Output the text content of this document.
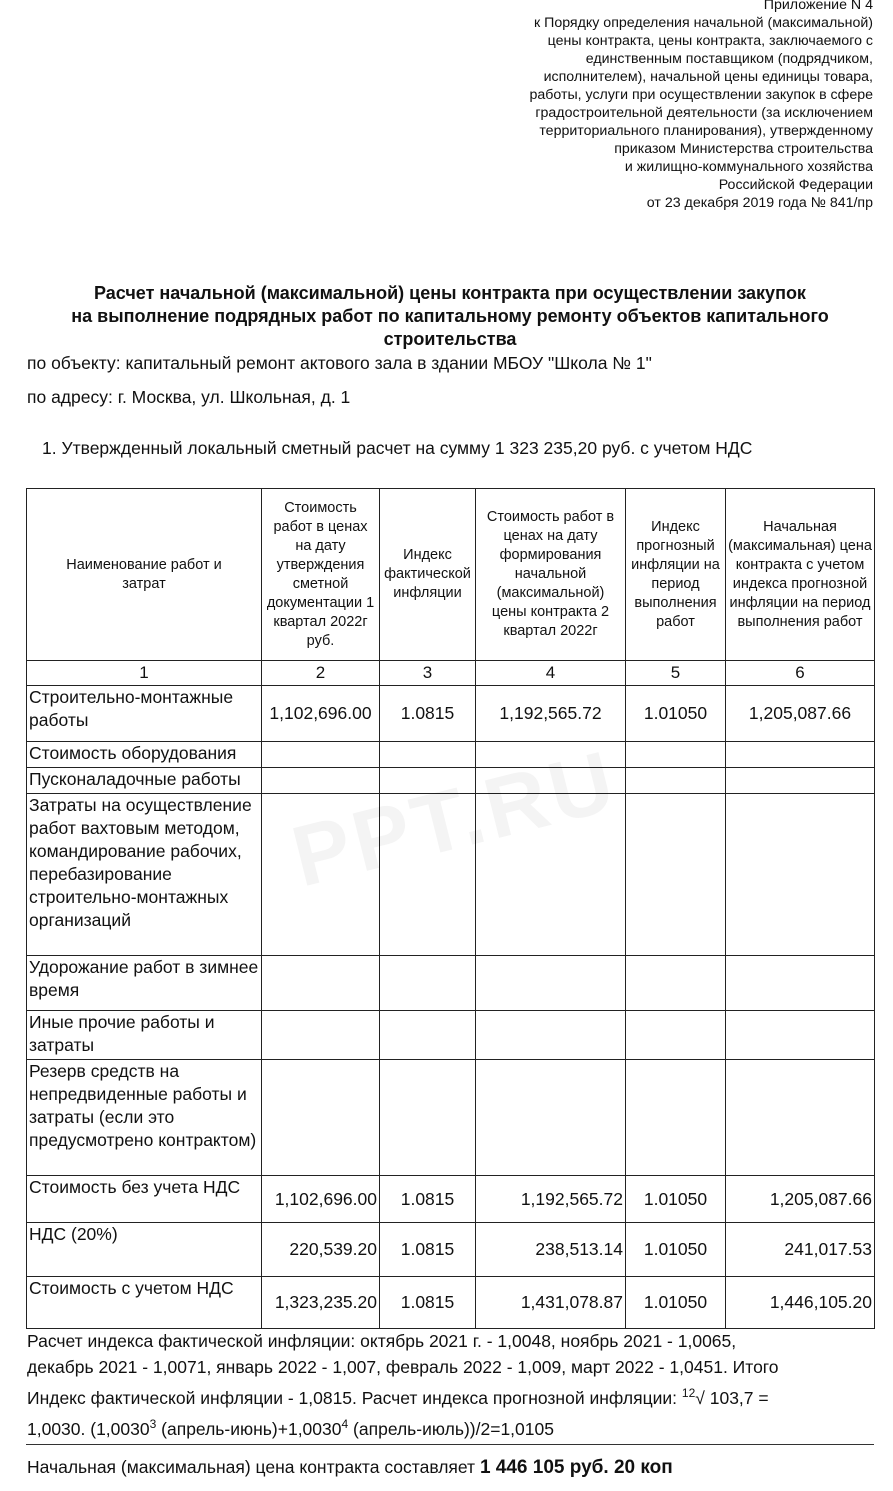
Приложение N 4
к Порядку определения начальной (максимальной)
цены контракта, цены контракта, заключаемого с
единственным поставщиком (подрядчиком,
исполнителем), начальной цены единицы товара,
работы, услуги при осуществлении закупок в сфере
градостроительной деятельности (за исключением
территориального планирования), утвержденному
приказом Министерства строительства
и жилищно-коммунального хозяйства
Российской Федерации
от 23 декабря 2019 года № 841/пр
Расчет начальной (максимальной) цены контракта при осуществлении закупок
на выполнение подрядных работ по капитальному ремонту объектов капитального
строительства
по объекту: капитальный ремонт актового зала в здании МБОУ "Школа № 1"
по адресу: г. Москва, ул. Школьная, д. 1
1. Утвержденный локальный сметный расчет на сумму 1 323 235,20 руб. с учетом НДС
Наименование работ и затрат	Стоимость работ в ценах на дату утверждения сметной документации 1 квартал 2022г руб.	Индекс фактической инфляции	Стоимость работ в ценах на дату формирования начальной (максимальной) цены контракта 2 квартал 2022г	Индекс прогнозный инфляции на период выполнения работ	Начальная (максимальная) цена контракта с учетом индекса прогнозной инфляции на период выполнения работ
1	2	3	4	5	6
Строительно-монтажные работы	1,102,696.00	1.0815	1,192,565.72	1.01050	1,205,087.66
Стоимость оборудования					
Пусконаладочные работы					
Затраты на осуществление работ вахтовым методом, командирование рабочих, перебазирование строительно-монтажных организаций					
Удорожание работ в зимнее время					
Иные прочие работы и затраты					
Резерв средств на непредвиденные работы и затраты (если это предусмотрено контрактом)					
Стоимость без учета НДС	1,102,696.00	1.0815	1,192,565.72	1.01050	1,205,087.66
НДС (20%)	220,539.20	1.0815	238,513.14	1.01050	241,017.53
Стоимость с учетом НДС	1,323,235.20	1.0815	1,431,078.87	1.01050	1,446,105.20
Расчет индекса фактической инфляции: октябрь 2021 г. - 1,0048, ноябрь 2021 - 1,0065,
декабрь 2021 - 1,0071, январь 2022 - 1,007, февраль 2022 - 1,009, март 2022 - 1,0451. Итого
Индекс фактической инфляции - 1,0815. Расчет индекса прогнозной инфляции: $^{12}$√ 103,7 =
1,0030. (1,0030$^3$ $(апрель-июнь)+1,0030^4$ (апрель-июль))/2=1,0105
Начальная (максимальная) цена контракта составляет 1 446 105 руб. 20 коп
